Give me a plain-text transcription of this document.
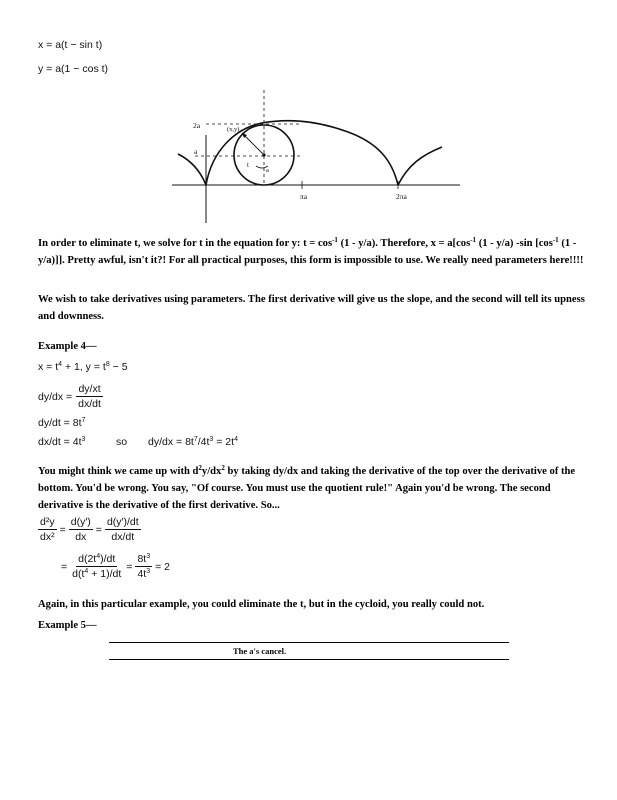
x = a(t − sin t)
y = a(1 − cos t)
2a
a
(x,y)
t
a
πa	2πa
In order to eliminate t, we solve for t in the equation for y: $t = \cos^{-1} (1 - y/a)$. Therefore, $x = a[\cos^{-1}$ (1 - y/a) -sin [$\cos^{-1}$ (1 - y/a)]]. Pretty awful, isn't it?! For all practical purposes, this form is impossible to use. We really need parameters here!!!!
We wish to take derivatives using parameters. The first derivative will give us the slope, and the second will tell its upness and downness.
Example 4—
$x = t^4 + 1$, $y = t^8 - 5$
$dy/dx = \frac{dy/xt}{dx/dt}$
$dy/dt = 8t^7$
$dx/dt = 4t^3$	so $dy/dx = 8t^7/4t^3 = 2t^4$
You might think we came up with $d^2y/dx^2$ by taking dy/dx and taking the derivative of the top over the derivative of the bottom. You'd be wrong. You say, "Of course. You must use the quotient rule!" Again you'd be wrong. The second derivative is the derivative of the first derivative. So...
$\frac{\text{d²y}}{\text{dx²}} = \frac{d(y')}{dx} = \frac{d(y')/dt}{dx/dt}$
= $\frac{d(2t^4)/dt}{d(t^4 + 1)/dt} = \frac{8t^3}{4t^3} = 2$
Again, in this particular example, you could eliminate the t, but in the cycloid, you really could not.
Example 5—
The a's cancel.
